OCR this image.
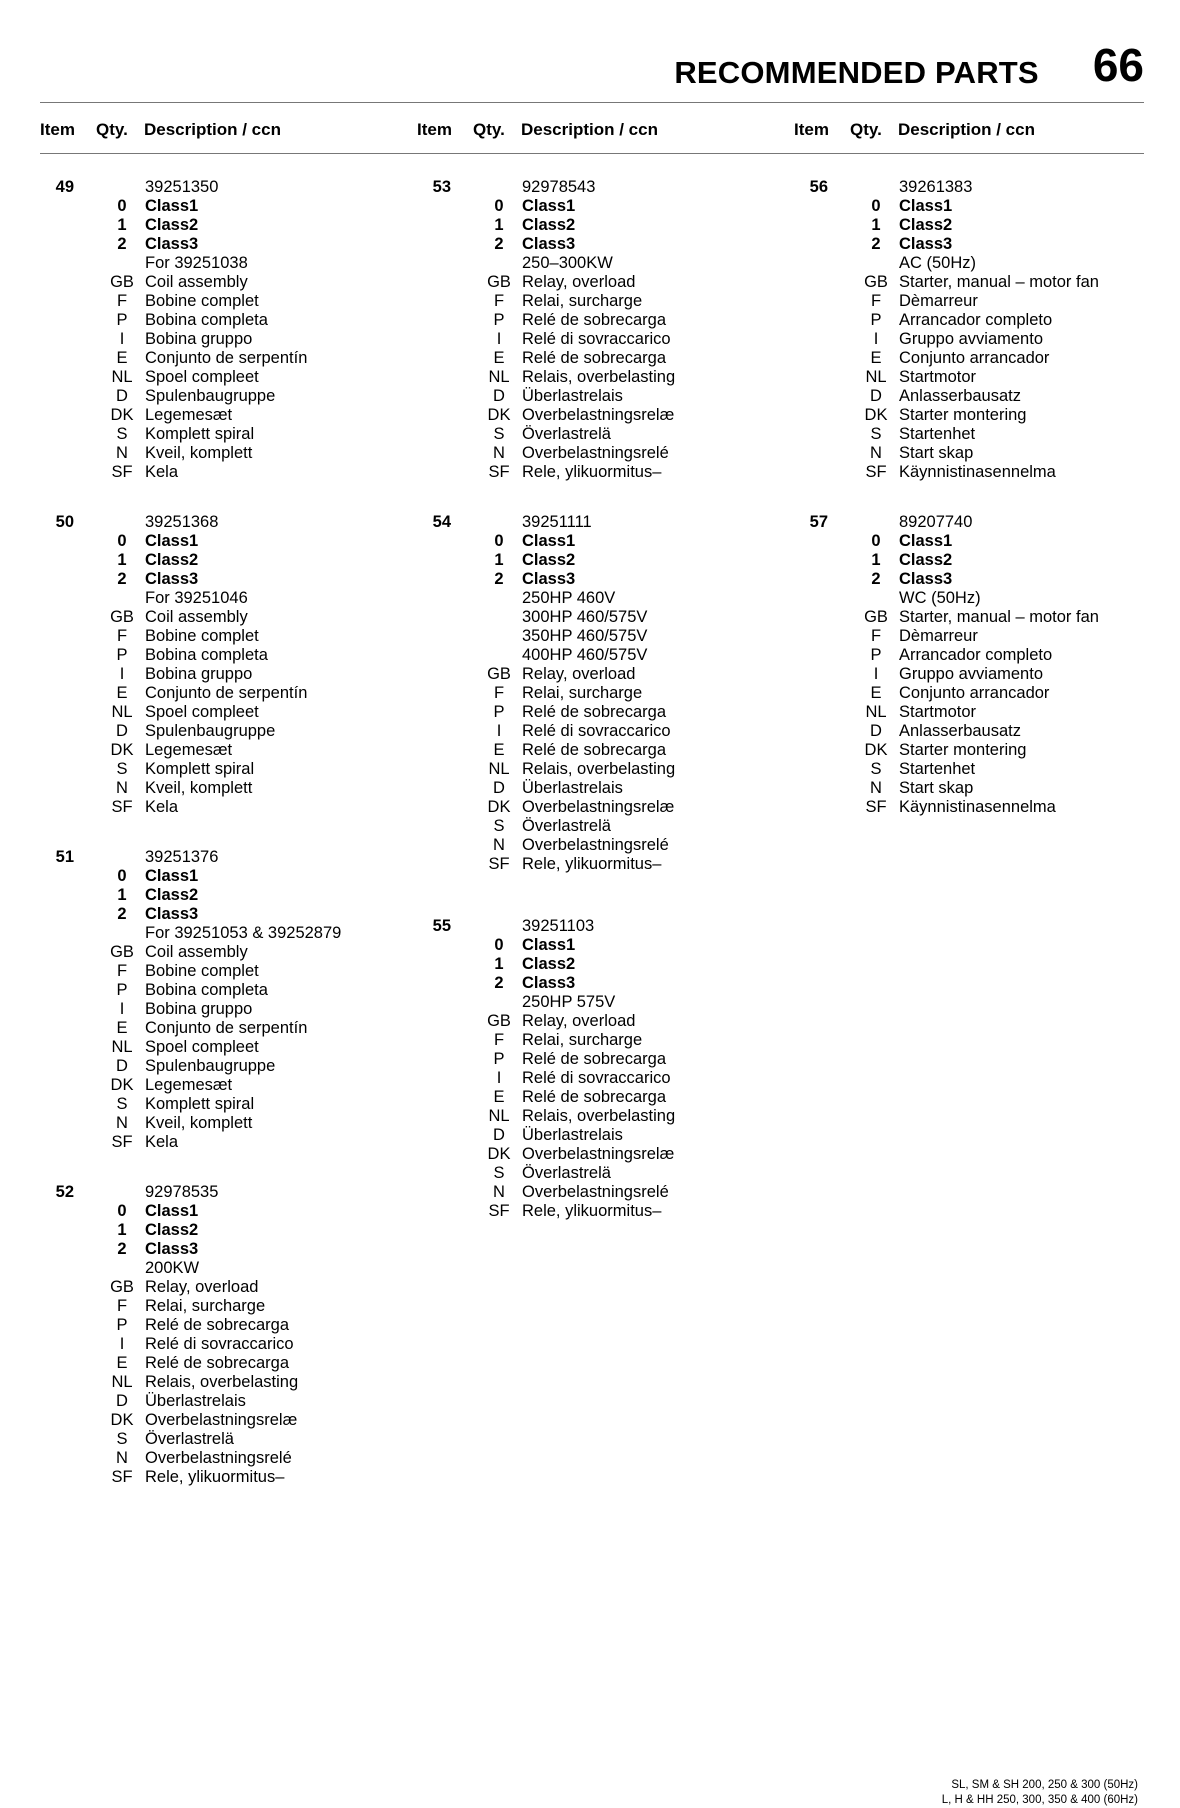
RECOMMENDED PARTS 66
Item Qty. Description / ccn	Item Qty. Description / ccn	Item Qty. Description / ccn
49	39251350
0	Class1
1	Class2
2	Class3
For 39251038
GB Coil assembly
F	Bobine complet
P	Bobina completa
I	Bobina gruppo
E	Conjunto de serpentín
NL Spoel compleet
D	Spulenbaugruppe
DK Legemesæt
S	Komplett spiral
N	Kveil, komplett
SF Kela
50	39251368
0	Class1
1	Class2
2	Class3
For 39251046
GB Coil assembly
F	Bobine complet
P	Bobina completa
I	Bobina gruppo
E	Conjunto de serpentín
NL Spoel compleet
D	Spulenbaugruppe
DK Legemesæt
S	Komplett spiral
N	Kveil, komplett
SF Kela
51	39251376
0	Class1
1	Class2
2	Class3
For 39251053 & 39252879
GB Coil assembly
F	Bobine complet
P	Bobina completa
I	Bobina gruppo
E	Conjunto de serpentín
NL Spoel compleet
D	Spulenbaugruppe
DK Legemesæt
S	Komplett spiral
N	Kveil, komplett
SF Kela
52	92978535
0	Class1
1	Class2
2	Class3
200KW
GB Relay, overload
F	Relai, surcharge
P	Relé de sobrecarga
I	Relé di sovraccarico
E	Relé de sobrecarga
NL Relais, overbelasting
D	Überlastrelais
DK Overbelastningsrelæ
S	Överlastrelä
N	Overbelastningsrelé
SF Rele, ylikuormitus–
53	92978543
0	Class1
1	Class2
2	Class3
250–300KW
GB Relay, overload
F	Relai, surcharge
P	Relé de sobrecarga
I	Relé di sovraccarico
E	Relé de sobrecarga
NL Relais, overbelasting
D	Überlastrelais
DK Overbelastningsrelæ
S	Överlastrelä
N	Overbelastningsrelé
SF Rele, ylikuormitus–
54	39251111
0	Class1
1	Class2
2	Class3
250HP 460V
300HP 460/575V
350HP 460/575V
400HP 460/575V
GB Relay, overload
F	Relai, surcharge
P	Relé de sobrecarga
I	Relé di sovraccarico
E	Relé de sobrecarga
NL Relais, overbelasting
D	Überlastrelais
DK Overbelastningsrelæ
S	Överlastrelä
N	Overbelastningsrelé
SF Rele, ylikuormitus–
55	39251103
0	Class1
1	Class2
2	Class3
250HP 575V
GB Relay, overload
F	Relai, surcharge
P	Relé de sobrecarga
I	Relé di sovraccarico
E	Relé de sobrecarga
NL Relais, overbelasting
D	Überlastrelais
DK Overbelastningsrelæ
S	Överlastrelä
N	Overbelastningsrelé
SF Rele, ylikuormitus–
56	39261383
0	Class1
1	Class2
2	Class3
AC (50Hz)
GB Starter, manual – motor fan
F	Dèmarreur
P	Arrancador completo
I	Gruppo avviamento
E	Conjunto arrancador
NL Startmotor
D	Anlasserbausatz
DK Starter montering
S	Startenhet
N	Start skap
SF Käynnistinasennelma
57	89207740
0	Class1
1	Class2
2	Class3
WC (50Hz)
GB Starter, manual – motor fan
F	Dèmarreur
P	Arrancador completo
I	Gruppo avviamento
E	Conjunto arrancador
NL Startmotor
D	Anlasserbausatz
DK Starter montering
S	Startenhet
N	Start skap
SF Käynnistinasennelma
SL, SM & SH 200, 250 & 300 (50Hz)
L, H & HH 250, 300, 350 & 400 (60Hz)
